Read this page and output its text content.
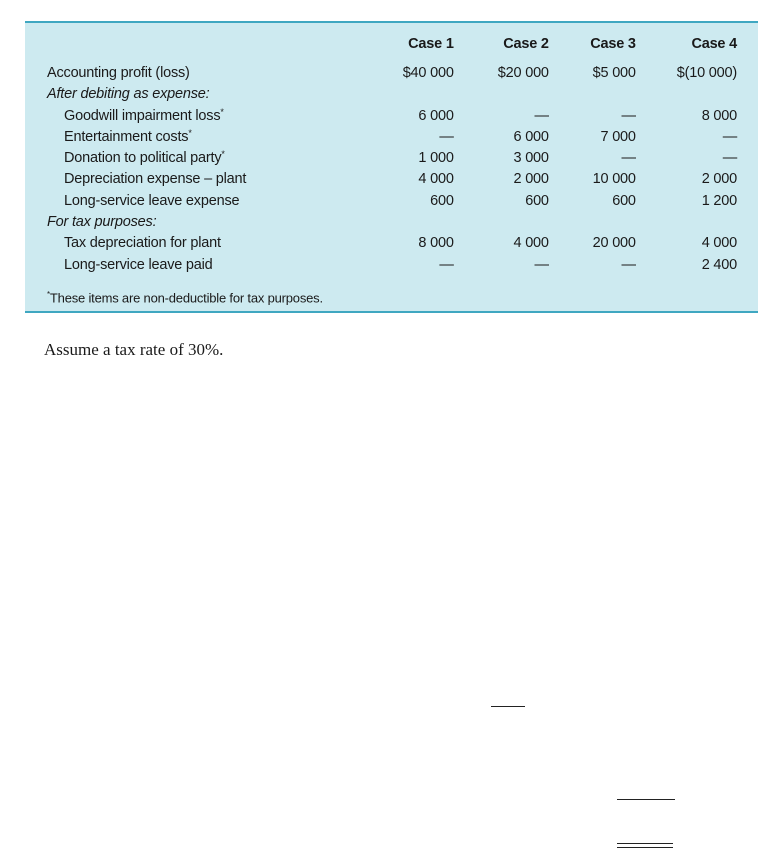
	Case 1	Case 2	Case 3	Case 4
Accounting profit (loss)	$40 000	$20 000	$5 000	$(10 000)
After debiting as expense:				
Goodwill impairment loss*	6 000	—	—	8 000
Entertainment costs*	—	6 000	7 000	—
Donation to political party*	1 000	3 000	—	—
Depreciation expense – plant	4 000	2 000	10 000	2 000
Long-service leave expense	600	600	600	1 200
For tax purposes:				
Tax depreciation for plant	8 000	4 000	20 000	4 000
Long-service leave paid	—	—	—	2 400
*These items are non-deductible for tax purposes.
Assume a tax rate of 30%.
